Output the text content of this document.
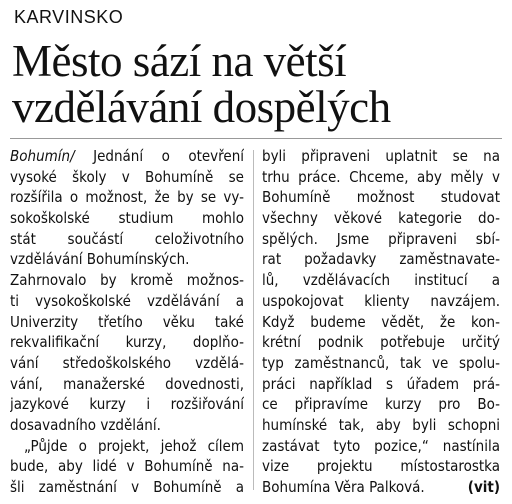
KARVINSKO
Město sází na větší
vzdělávání dospělých
Bohumín/ Jednání o otevření
vysoké školy v Bohumíně se
rozšířila o možnost, že by se vy-
sokoškolské studium mohlo
stát součástí celoživotního
vzdělávání Bohumínských.
Zahrnovalo by kromě možnos-
ti vysokoškolské vzdělávání a
Univerzity třetího věku také
rekvalifikační kurzy, doplňo-
vání středoškolského vzdělá-
vání, manažerské dovednosti,
jazykové kurzy i rozšiřování
dosavadního vzdělání.
„Půjde o projekt, jehož cílem
bude, aby lidé v Bohumíně na-
šli zaměstnání v Bohumíně a
byli připraveni uplatnit se na
trhu práce. Chceme, aby měly v
Bohumíně možnost studovat
všechny věkové kategorie do-
spělých. Jsme připraveni sbí-
rat požadavky zaměstnavate-
lů, vzdělávacích institucí a
uspokojovat klienty navzájem.
Když budeme vědět, že kon-
krétní podnik potřebuje určitý
typ zaměstnanců, tak ve spolu-
práci například s úřadem prá-
ce připravíme kurzy pro Bo-
humínské tak, aby byli schopni
zastávat tyto pozice,“ nastínila
vize projektu místostarostka
Bohumína Věra Palková.	(vit)
